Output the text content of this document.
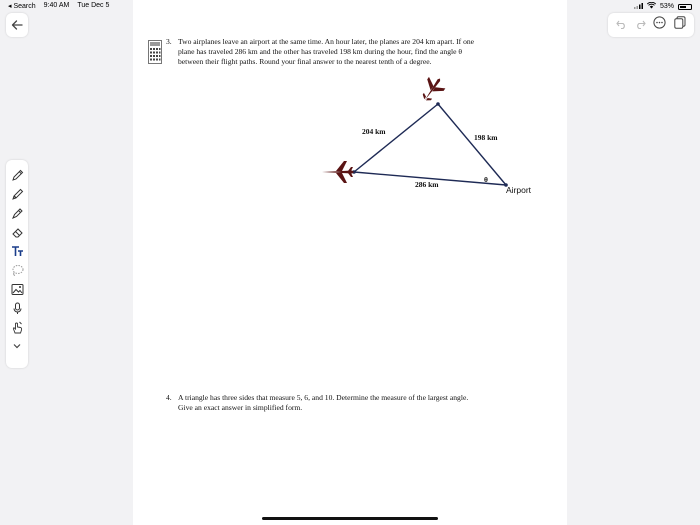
◂ Search 9:40 AM Tue Dec 5	53%
3. Two airplanes leave an airport at the same time. An hour later, the planes are 204 km apart. If one
plane has traveled 286 km and the other has traveled 198 km during the hour, find the angle θ
between their flight paths. Round your final answer to the nearest tenth of a degree.
204 km
198 km
286 km
θ
Airport
4. A triangle has three sides that measure 5, 6, and 10. Determine the measure of the largest angle.
Give an exact answer in simplified form.
